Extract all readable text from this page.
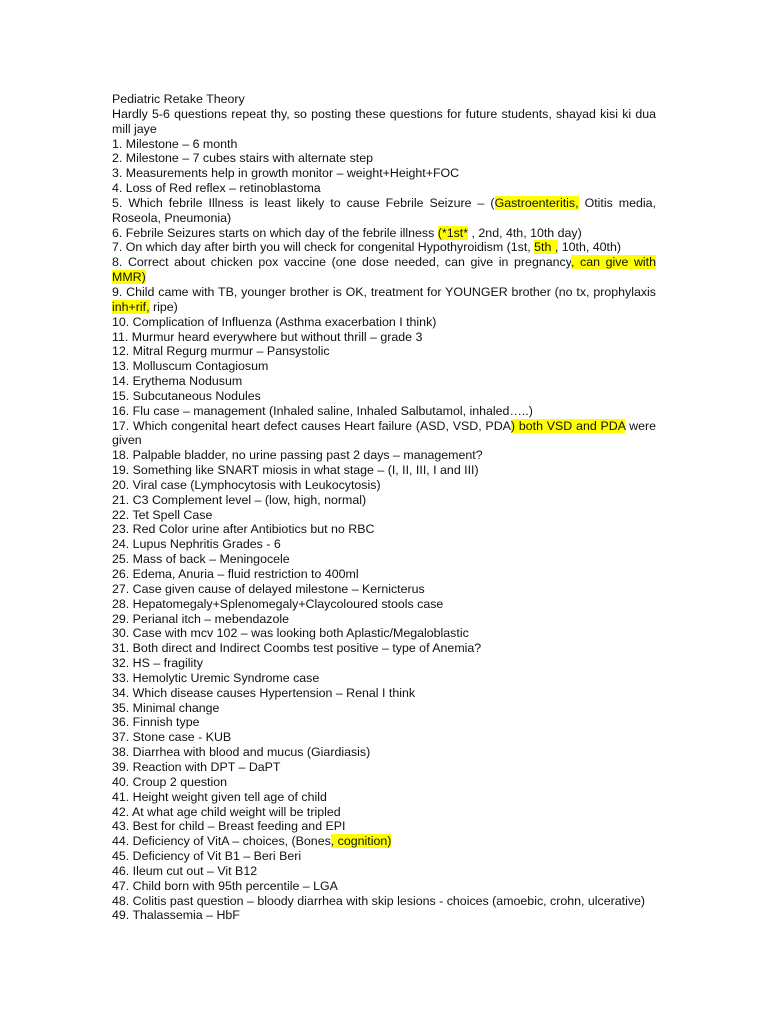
Pediatric Retake Theory
Hardly 5-6 questions repeat thy, so posting these questions for future students, shayad kisi ki dua
mill jaye
1. Milestone – 6 month
2. Milestone – 7 cubes stairs with alternate step
3. Measurements help in growth monitor – weight+Height+FOC
4. Loss of Red reflex – retinoblastoma
5. Which febrile Illness is least likely to cause Febrile Seizure – (Gastroenteritis, Otitis media,
Roseola, Pneumonia)
6. Febrile Seizures starts on which day of the febrile illness (*1st* , 2nd, 4th, 10th day)
7. On which day after birth you will check for congenital Hypothyroidism (1st, 5th , 10th, 40th)
8. Correct about chicken pox vaccine (one dose needed, can give in pregnancy, can give with
MMR)
9. Child came with TB, younger brother is OK, treatment for YOUNGER brother (no tx, prophylaxis
inh+rif, ripe)
10. Complication of Influenza (Asthma exacerbation I think)
11. Murmur heard everywhere but without thrill – grade 3
12. Mitral Regurg murmur – Pansystolic
13. Molluscum Contagiosum
14. Erythema Nodusum
15. Subcutaneous Nodules
16. Flu case – management (Inhaled saline, Inhaled Salbutamol, inhaled…..)
17. Which congenital heart defect causes Heart failure (ASD, VSD, PDA) both VSD and PDA were
given
18. Palpable bladder, no urine passing past 2 days – management?
19. Something like SNART miosis in what stage – (I, II, III, I and III)
20. Viral case (Lymphocytosis with Leukocytosis)
21. C3 Complement level – (low, high, normal)
22. Tet Spell Case
23. Red Color urine after Antibiotics but no RBC
24. Lupus Nephritis Grades - 6
25. Mass of back – Meningocele
26. Edema, Anuria – fluid restriction to 400ml
27. Case given cause of delayed milestone – Kernicterus
28. Hepatomegaly+Splenomegaly+Claycoloured stools case
29. Perianal itch – mebendazole
30. Case with mcv 102 – was looking both Aplastic/Megaloblastic
31. Both direct and Indirect Coombs test positive – type of Anemia?
32. HS – fragility
33. Hemolytic Uremic Syndrome case
34. Which disease causes Hypertension – Renal I think
35. Minimal change
36. Finnish type
37. Stone case - KUB
38. Diarrhea with blood and mucus (Giardiasis)
39. Reaction with DPT – DaPT
40. Croup 2 question
41. Height weight given tell age of child
42. At what age child weight will be tripled
43. Best for child – Breast feeding and EPI
44. Deficiency of VitA – choices, (Bones, cognition)
45. Deficiency of Vit B1 – Beri Beri
46. Ileum cut out – Vit B12
47. Child born with 95th percentile – LGA
48. Colitis past question – bloody diarrhea with skip lesions - choices (amoebic, crohn, ulcerative)
49. Thalassemia – HbF
